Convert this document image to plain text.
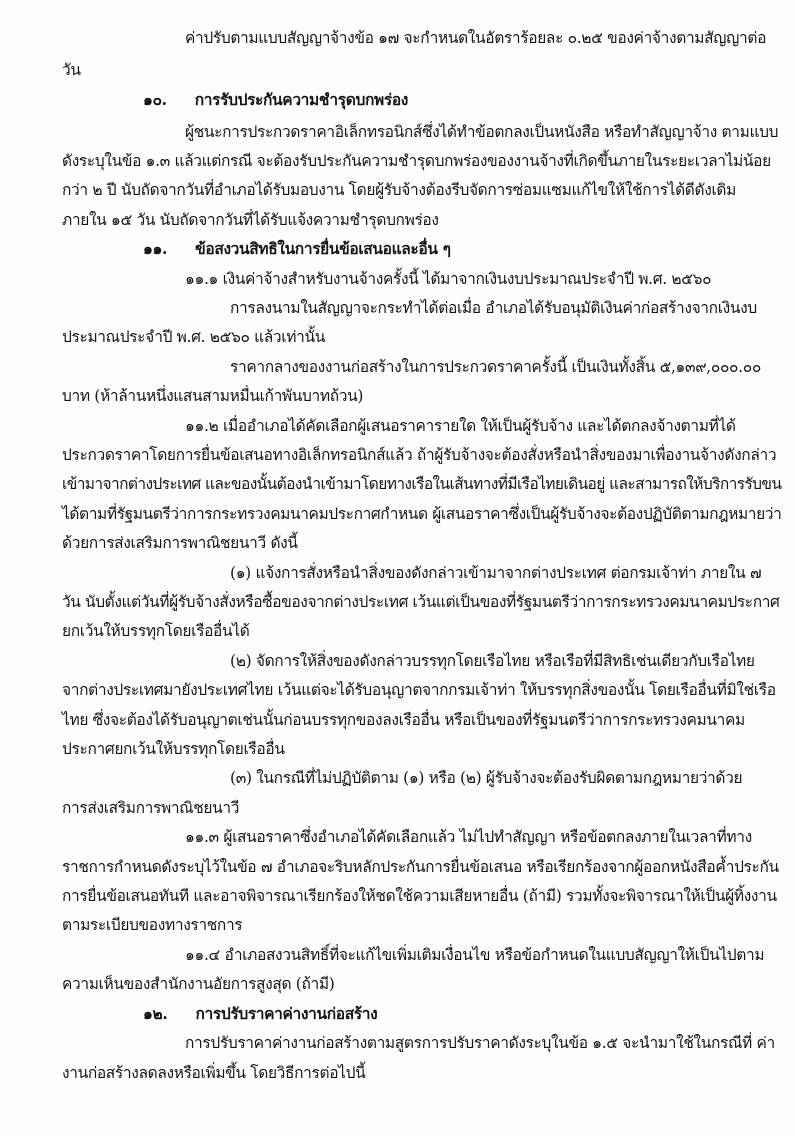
ค่าปรับตามแบบสัญญาจ้างข้อ ๑๗ จะกำหนดในอัตราร้อยละ ๐.๒๕ ของค่าจ้างตามสัญญาต่อ
วัน
๑๐. การรับประกันความชำรุดบกพร่อง
ผู้ชนะการประกวดราคาอิเล็กทรอนิกส์ซึ่งได้ทำข้อตกลงเป็นหนังสือ หรือทำสัญญาจ้าง ตามแบบ
ดังระบุในข้อ ๑.๓ แล้วแต่กรณี จะต้องรับประกันความชำรุดบกพร่องของงานจ้างที่เกิดขึ้นภายในระยะเวลาไม่น้อย
กว่า ๒ ปี นับถัดจากวันที่อำเภอได้รับมอบงาน โดยผู้รับจ้างต้องรีบจัดการซ่อมแซมแก้ไขให้ใช้การได้ดีดังเดิม
ภายใน ๑๕ วัน นับถัดจากวันที่ได้รับแจ้งความชำรุดบกพร่อง
๑๑. ข้อสงวนสิทธิในการยื่นข้อเสนอและอื่น ๆ
๑๑.๑ เงินค่าจ้างสำหรับงานจ้างครั้งนี้ ได้มาจากเงินงบประมาณประจำปี พ.ศ. ๒๕๖๐
การลงนามในสัญญาจะกระทำได้ต่อเมื่อ อำเภอได้รับอนุมัติเงินค่าก่อสร้างจากเงินงบ
ประมาณประจำปี พ.ศ. ๒๕๖๐ แล้วเท่านั้น
ราคากลางของงานก่อสร้างในการประกวดราคาครั้งนี้ เป็นเงินทั้งสิ้น ๕,๑๓๙,๐๐๐.๐๐
บาท (ห้าล้านหนึ่งแสนสามหมื่นเก้าพันบาทถ้วน)
๑๑.๒ เมื่ออำเภอได้คัดเลือกผู้เสนอราคารายใด ให้เป็นผู้รับจ้าง และได้ตกลงจ้างตามที่ได้
ประกวดราคาโดยการยื่นข้อเสนอทางอิเล็กทรอนิกส์แล้ว ถ้าผู้รับจ้างจะต้องสั่งหรือนำสิ่งของมาเพื่องานจ้างดังกล่าว
เข้ามาจากต่างประเทศ และของนั้นต้องนำเข้ามาโดยทางเรือในเส้นทางที่มีเรือไทยเดินอยู่ และสามารถให้บริการรับขน
ได้ตามที่รัฐมนตรีว่าการกระทรวงคมนาคมประกาศกำหนด ผู้เสนอราคาซึ่งเป็นผู้รับจ้างจะต้องปฏิบัติตามกฎหมายว่า
ด้วยการส่งเสริมการพาณิชยนาวี ดังนี้
(๑) แจ้งการสั่งหรือนำสิ่งของดังกล่าวเข้ามาจากต่างประเทศ ต่อกรมเจ้าท่า ภายใน ๗
วัน นับตั้งแต่วันที่ผู้รับจ้างสั่งหรือซื้อของจากต่างประเทศ เว้นแต่เป็นของที่รัฐมนตรีว่าการกระทรวงคมนาคมประกาศ
ยกเว้นให้บรรทุกโดยเรืออื่นได้
(๒) จัดการให้สิ่งของดังกล่าวบรรทุกโดยเรือไทย หรือเรือที่มีสิทธิเช่นเดียวกับเรือไทย
จากต่างประเทศมายังประเทศไทย เว้นแต่จะได้รับอนุญาตจากกรมเจ้าท่า ให้บรรทุกสิ่งของนั้น โดยเรืออื่นที่มิใช่เรือ
ไทย ซึ่งจะต้องได้รับอนุญาตเช่นนั้นก่อนบรรทุกของลงเรืออื่น หรือเป็นของที่รัฐมนตรีว่าการกระทรวงคมนาคม
ประกาศยกเว้นให้บรรทุกโดยเรืออื่น
(๓) ในกรณีที่ไม่ปฏิบัติตาม (๑) หรือ (๒) ผู้รับจ้างจะต้องรับผิดตามกฎหมายว่าด้วย
การส่งเสริมการพาณิชยนาวี
๑๑.๓ ผู้เสนอราคาซึ่งอำเภอได้คัดเลือกแล้ว ไม่ไปทำสัญญา หรือข้อตกลงภายในเวลาที่ทาง
ราชการกำหนดดังระบุไว้ในข้อ ๗ อำเภอจะริบหลักประกันการยื่นข้อเสนอ หรือเรียกร้องจากผู้ออกหนังสือค้ำประกัน
การยื่นข้อเสนอทันที และอาจพิจารณาเรียกร้องให้ชดใช้ความเสียหายอื่น (ถ้ามี) รวมทั้งจะพิจารณาให้เป็นผู้ทิ้งงาน
ตามระเบียบของทางราชการ
๑๑.๔ อำเภอสงวนสิทธิ์ที่จะแก้ไขเพิ่มเติมเงื่อนไข หรือข้อกำหนดในแบบสัญญาให้เป็นไปตาม
ความเห็นของสำนักงานอัยการสูงสุด (ถ้ามี)
๑๒. การปรับราคาค่างานก่อสร้าง
การปรับราคาค่างานก่อสร้างตามสูตรการปรับราคาดังระบุในข้อ ๑.๕ จะนำมาใช้ในกรณีที่ ค่า
งานก่อสร้างลดลงหรือเพิ่มขึ้น โดยวิธีการต่อไปนี้
